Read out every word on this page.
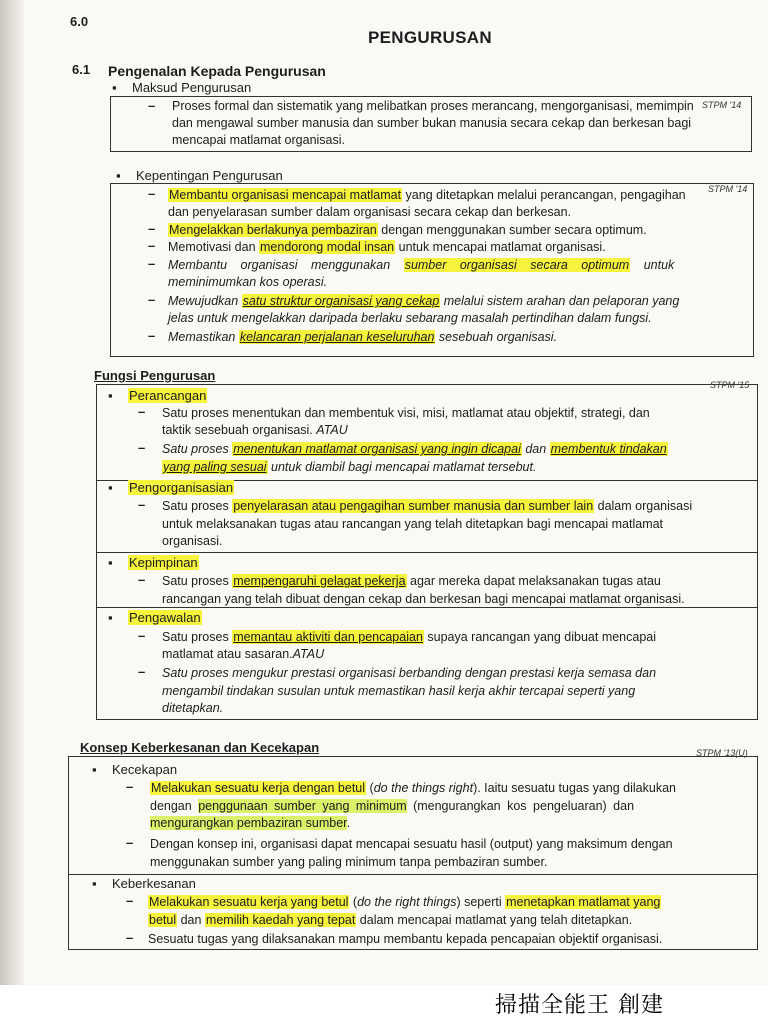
6.0
PENGURUSAN
6.1 Pengenalan Kepada Pengurusan
▪ Maksud Pengurusan
STPM '14
– Proses formal dan sistematik yang melibatkan proses merancang, mengorganisasi, memimpin
dan mengawal sumber manusia dan sumber bukan manusia secara cekap dan berkesan bagi
mencapai matlamat organisasi.
▪ Kepentingan Pengurusan
STPM '14
– Membantu organisasi mencapai matlamat yang ditetapkan melalui perancangan, pengagihan
dan penyelarasan sumber dalam organisasi secara cekap dan berkesan.
– Mengelakkan berlakunya pembaziran dengan menggunakan sumber secara optimum.
– Memotivasi dan mendorong modal insan untuk mencapai matlamat organisasi.
– Membantu organisasi menggunakan sumber organisasi secara optimum untuk
meminimumkan kos operasi.
– Mewujudkan satu struktur organisasi yang cekap melalui sistem arahan dan pelaporan yang
jelas untuk mengelakkan daripada berlaku sebarang masalah pertindihan dalam fungsi.
– Memastikan kelancaran perjalanan keseluruhan sesebuah organisasi.
Fungsi Pengurusan
STPM '15
▪ Perancangan
– Satu proses menentukan dan membentuk visi, misi, matlamat atau objektif, strategi, dan
taktik sesebuah organisasi. ATAU
– Satu proses menentukan matlamat organisasi yang ingin dicapai dan membentuk tindakan
yang paling sesuai untuk diambil bagi mencapai matlamat tersebut.
▪ Pengorganisasian
– Satu proses penyelarasan atau pengagihan sumber manusia dan sumber lain dalam organisasi
untuk melaksanakan tugas atau rancangan yang telah ditetapkan bagi mencapai matlamat
organisasi.
▪ Kepimpinan
– Satu proses mempengaruhi gelagat pekerja agar mereka dapat melaksanakan tugas atau
rancangan yang telah dibuat dengan cekap dan berkesan bagi mencapai matlamat organisasi.
▪ Pengawalan
– Satu proses memantau aktiviti dan pencapaian supaya rancangan yang dibuat mencapai
matlamat atau sasaran.ATAU
– Satu proses mengukur prestasi organisasi berbanding dengan prestasi kerja semasa dan
mengambil tindakan susulan untuk memastikan hasil kerja akhir tercapai seperti yang
ditetapkan.
Konsep Keberkesanan dan Kecekapan	STPM '13(U)
▪ Kecekapan
– Melakukan sesuatu kerja dengan betul (do the things right). Iaitu sesuatu tugas yang dilakukan
dengan penggunaan sumber yang minimum (mengurangkan kos pengeluaran) dan
mengurangkan pembaziran sumber.
– Dengan konsep ini, organisasi dapat mencapai sesuatu hasil (output) yang maksimum dengan
menggunakan sumber yang paling minimum tanpa pembaziran sumber.
▪ Keberkesanan
– Melakukan sesuatu kerja yang betul (do the right things) seperti menetapkan matlamat yang
betul dan memilih kaedah yang tepat dalam mencapai matlamat yang telah ditetapkan.
– Sesuatu tugas yang dilaksanakan mampu membantu kepada pencapaian objektif organisasi.
掃描全能王 創建
